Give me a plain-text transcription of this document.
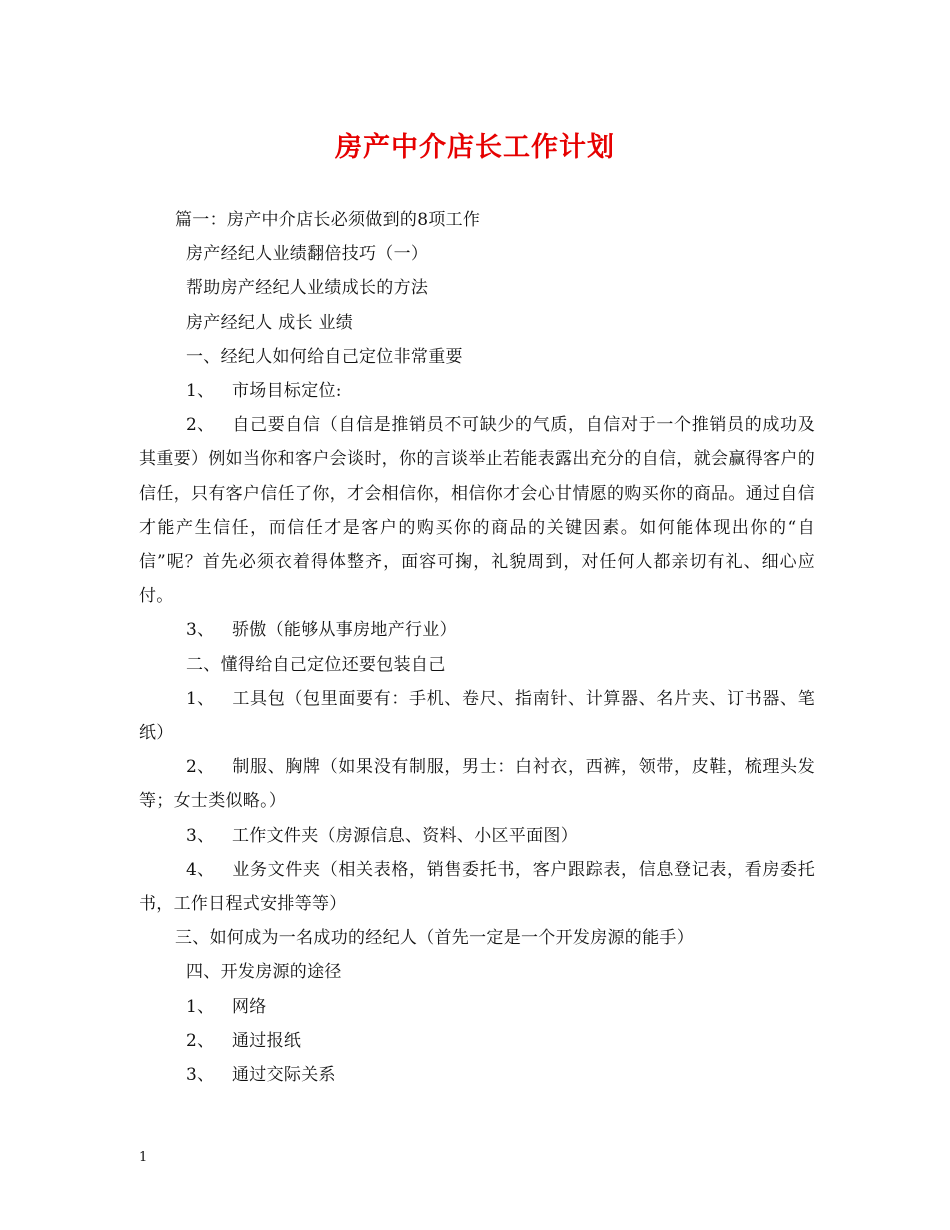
房产中介店长工作计划

篇一：房产中介店长必须做到的8项工作

房产经纪人业绩翻倍技巧（一）

帮助房产经纪人业绩成长的方法

房产经纪人 成长 业绩

一、经纪人如何给自己定位非常重要

1、 市场目标定位:

2、 自己要自信（自信是推销员不可缺少的气质，自信对于一个推销员的成功及其重要）例如当你和客户会谈时，你的言谈举止若能表露出充分的自信，就会赢得客户的信任，只有客户信任了你，才会相信你，相信你才会心甘情愿的购买你的商品。通过自信才能产生信任，而信任才是客户的购买你的商品的关键因素。如何能体现出你的“自信”呢？首先必须衣着得体整齐，面容可掬，礼貌周到，对任何人都亲切有礼、细心应付。

3、 骄傲（能够从事房地产行业）

二、懂得给自己定位还要包装自己

1、 工具包（包里面要有：手机、卷尺、指南针、计算器、名片夹、订书器、笔纸）

2、 制服、胸牌（如果没有制服，男士：白衬衣，西裤，领带，皮鞋，梳理头发等；女士类似略。）

3、 工作文件夹（房源信息、资料、小区平面图）

4、 业务文件夹（相关表格，销售委托书，客户跟踪表，信息登记表，看房委托书，工作日程式安排等等）

三、如何成为一名成功的经纪人（首先一定是一个开发房源的能手）

四、开发房源的途径

1、 网络

2、 通过报纸

3、 通过交际关系

1
